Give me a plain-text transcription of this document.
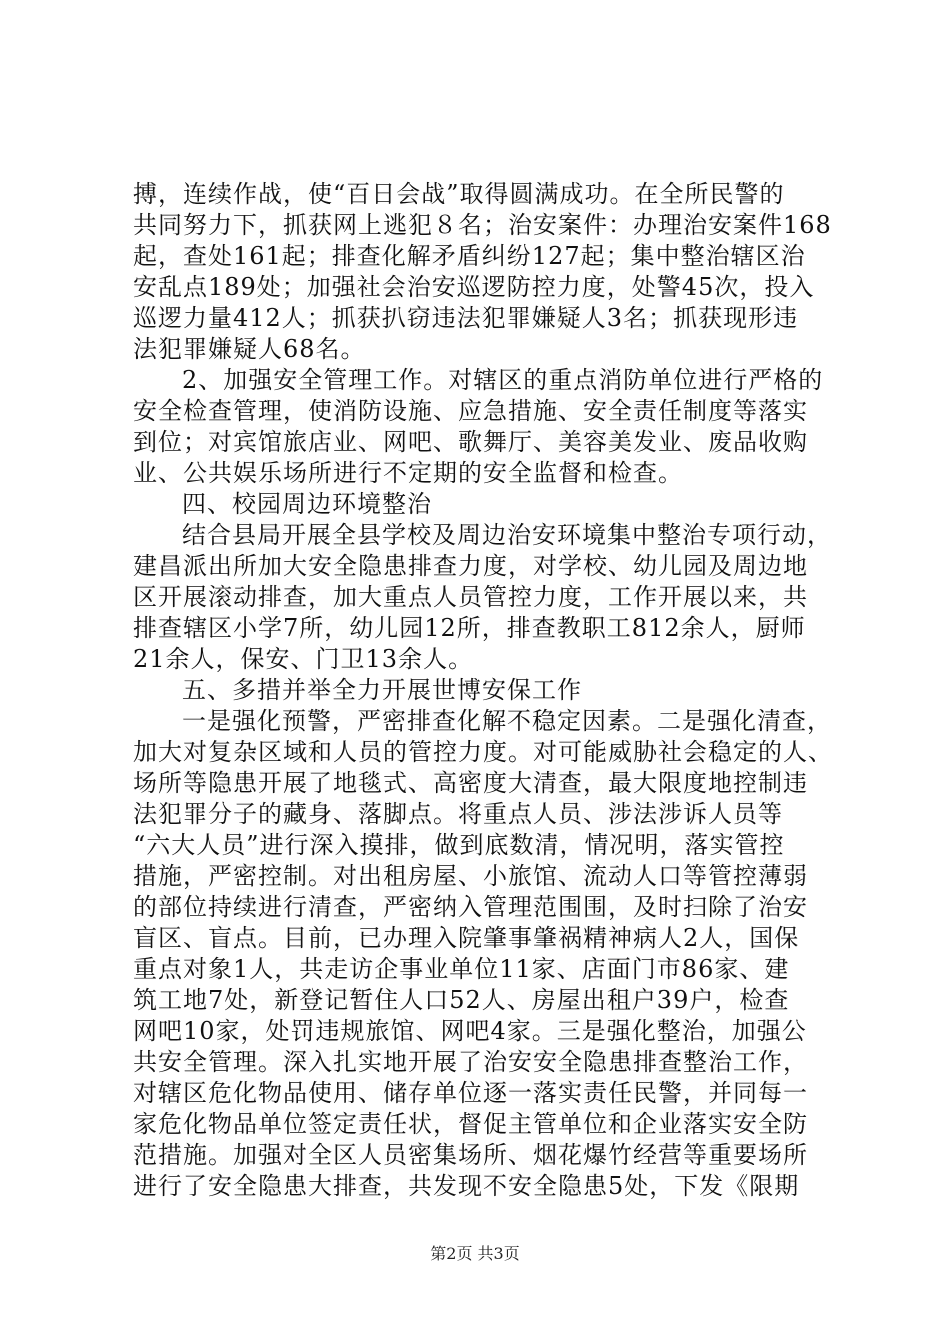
搏，连续作战，使“百日会战”取得圆满成功。在全所民警的
共同努力下，抓获网上逃犯８名；治安案件：办理治安案件168
起，查处161起；排查化解矛盾纠纷127起；集中整治辖区治
安乱点189处；加强社会治安巡逻防控力度，处警45次，投入
巡逻力量412人；抓获扒窃违法犯罪嫌疑人3名；抓获现形违
法犯罪嫌疑人68名。
2、加强安全管理工作。对辖区的重点消防单位进行严格的
安全检查管理，使消防设施、应急措施、安全责任制度等落实
到位；对宾馆旅店业、网吧、歌舞厅、美容美发业、废品收购
业、公共娱乐场所进行不定期的安全监督和检查。
四、校园周边环境整治
结合县局开展全县学校及周边治安环境集中整治专项行动，
建昌派出所加大安全隐患排查力度，对学校、幼儿园及周边地
区开展滚动排查，加大重点人员管控力度，工作开展以来，共
排查辖区小学7所，幼儿园12所，排查教职工812余人，厨师
21余人，保安、门卫13余人。
五、多措并举全力开展世博安保工作
一是强化预警，严密排查化解不稳定因素。二是强化清查，
加大对复杂区域和人员的管控力度。对可能威胁社会稳定的人、
场所等隐患开展了地毯式、高密度大清查，最大限度地控制违
法犯罪分子的藏身、落脚点。将重点人员、涉法涉诉人员等
“六大人员”进行深入摸排，做到底数清，情况明，落实管控
措施，严密控制。对出租房屋、小旅馆、流动人口等管控薄弱
的部位持续进行清查，严密纳入管理范围围，及时扫除了治安
盲区、盲点。目前，已办理入院肇事肇祸精神病人2人，国保
重点对象1人，共走访企事业单位11家、店面门市86家、建
筑工地7处，新登记暂住人口52人、房屋出租户39户，检查
网吧10家，处罚违规旅馆、网吧4家。三是强化整治，加强公
共安全管理。深入扎实地开展了治安安全隐患排查整治工作，
对辖区危化物品使用、储存单位逐一落实责任民警，并同每一
家危化物品单位签定责任状，督促主管单位和企业落实安全防
范措施。加强对全区人员密集场所、烟花爆竹经营等重要场所
进行了安全隐患大排查，共发现不安全隐患5处，下发《限期
第2页 共3页
